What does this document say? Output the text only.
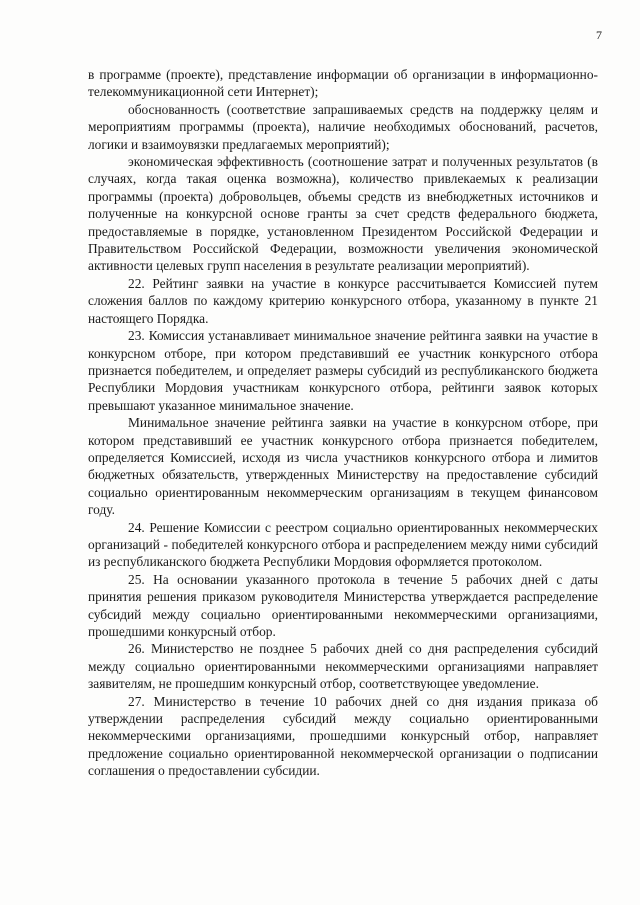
7

в программе (проекте), представление информации об организации в информационно-телекоммуникационной сети Интернет);

обоснованность (соответствие запрашиваемых средств на поддержку целям и мероприятиям программы (проекта), наличие необходимых обоснований, расчетов, логики и взаимоувязки предлагаемых мероприятий);

экономическая эффективность (соотношение затрат и полученных результатов (в случаях, когда такая оценка возможна), количество привлекаемых к реализации программы (проекта) добровольцев, объемы средств из внебюджетных источников и полученные на конкурсной основе гранты за счет средств федерального бюджета, предоставляемые в порядке, установленном Президентом Российской Федерации и Правительством Российской Федерации, возможности увеличения экономической активности целевых групп населения в результате реализации мероприятий).

22. Рейтинг заявки на участие в конкурсе рассчитывается Комиссией путем сложения баллов по каждому критерию конкурсного отбора, указанному в пункте 21 настоящего Порядка.

23. Комиссия устанавливает минимальное значение рейтинга заявки на участие в конкурсном отборе, при котором представивший ее участник конкурсного отбора признается победителем, и определяет размеры субсидий из республиканского бюджета Республики Мордовия участникам конкурсного отбора, рейтинги заявок которых превышают указанное минимальное значение.

Минимальное значение рейтинга заявки на участие в конкурсном отборе, при котором представивший ее участник конкурсного отбора признается победителем, определяется Комиссией, исходя из числа участников конкурсного отбора и лимитов бюджетных обязательств, утвержденных Министерству на предоставление субсидий социально ориентированным некоммерческим организациям в текущем финансовом году.

24. Решение Комиссии с реестром социально ориентированных некоммерческих организаций - победителей конкурсного отбора и распределением между ними субсидий из республиканского бюджета Республики Мордовия оформляется протоколом.

25. На основании указанного протокола в течение 5 рабочих дней с даты принятия решения приказом руководителя Министерства утверждается распределение субсидий между социально ориентированными некоммерческими организациями, прошедшими конкурсный отбор.

26. Министерство не позднее 5 рабочих дней со дня распределения субсидий между социально ориентированными некоммерческими организациями направляет заявителям, не прошедшим конкурсный отбор, соответствующее уведомление.

27. Министерство в течение 10 рабочих дней со дня издания приказа об утверждении распределения субсидий между социально ориентированными некоммерческими организациями, прошедшими конкурсный отбор, направляет предложение социально ориентированной некоммерческой организации о подписании соглашения о предоставлении субсидии.
